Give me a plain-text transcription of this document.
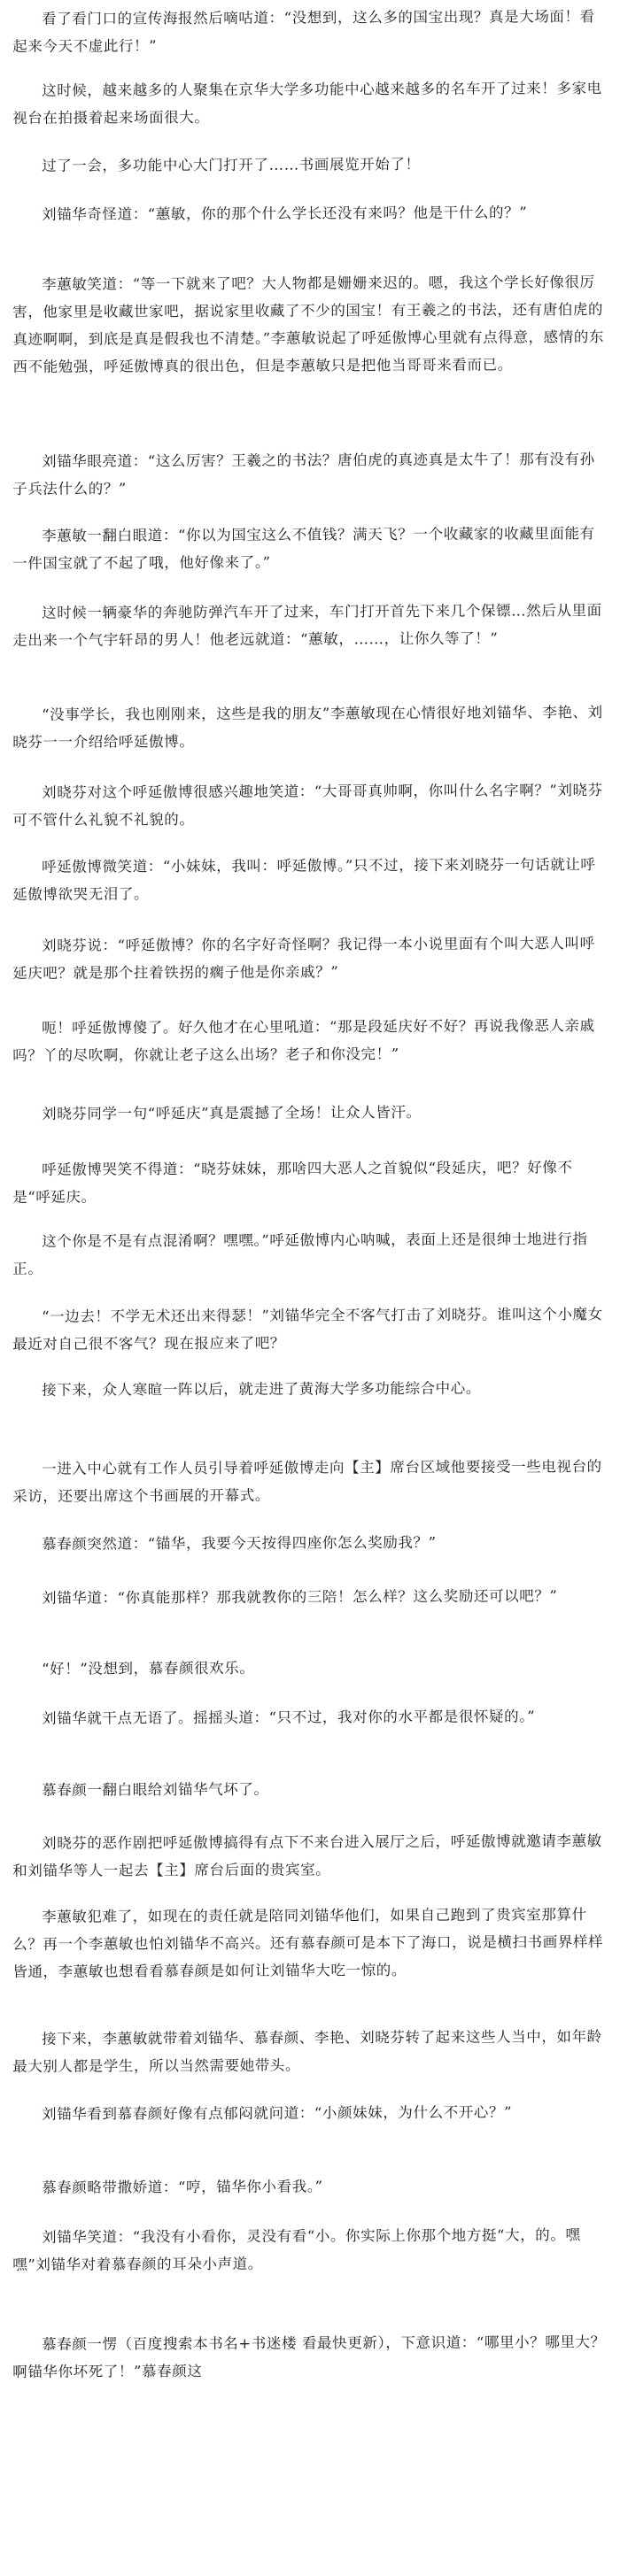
看了看门口的宣传海报然后嘀咕道：“没想到，这么多的国宝出现？真是大场面！看起来今天不虚此行！”

这时候，越来越多的人聚集在京华大学多功能中心越来越多的名车开了过来！多家电视台在拍摄着起来场面很大。

过了一会，多功能中心大门打开了……书画展览开始了！

刘锚华奇怪道：“蕙敏，你的那个什么学长还没有来吗？他是干什么的？”

李蕙敏笑道：“等一下就来了吧？大人物都是姗姗来迟的。嗯，我这个学长好像很厉害，他家里是收藏世家吧，据说家里收藏了不少的国宝！有王羲之的书法，还有唐伯虎的真迹啊啊，到底是真是假我也不清楚。”李蕙敏说起了呼延傲博心里就有点得意，感情的东西不能勉强，呼延傲博真的很出色，但是李蕙敏只是把他当哥哥来看而已。

刘锚华眼亮道：“这么厉害？王羲之的书法？唐伯虎的真迹真是太牛了！那有没有孙子兵法什么的？”

李蕙敏一翻白眼道：“你以为国宝这么不值钱？满天飞？一个收藏家的收藏里面能有一件国宝就了不起了哦，他好像来了。”

这时候一辆豪华的奔驰防弹汽车开了过来，车门打开首先下来几个保镖…然后从里面走出来一个气宇轩昂的男人！他老远就道：“蕙敏，……，让你久等了！”

“没事学长，我也刚刚来，这些是我的朋友”李蕙敏现在心情很好地刘锚华、李艳、刘晓芬一一介绍给呼延傲博。

刘晓芬对这个呼延傲博很感兴趣地笑道：“大哥哥真帅啊，你叫什么名字啊？”刘晓芬可不管什么礼貌不礼貌的。

呼延傲博微笑道：“小妹妹，我叫：呼延傲博。”只不过，接下来刘晓芬一句话就让呼延傲博欲哭无泪了。

刘晓芬说：“呼延傲博？你的名字好奇怪啊？我记得一本小说里面有个叫大恶人叫呼延庆吧？就是那个拄着铁拐的瘸子他是你亲戚？”

呃！呼延傲博傻了。好久他才在心里吼道：“那是段延庆好不好？再说我像恶人亲戚吗？丫的尽吹啊，你就让老子这么出场？老子和你没完！”

刘晓芬同学一句“呼延庆”真是震撼了全场！让众人皆汗。

呼延傲博哭笑不得道：“晓芬妹妹，那啥四大恶人之首貌似“段延庆，吧？好像不是“呼延庆。

这个你是不是有点混淆啊？嘿嘿。”呼延傲博内心呐喊，表面上还是很绅士地进行指正。

“一边去！不学无术还出来得瑟！”刘锚华完全不客气打击了刘晓芬。谁叫这个小魔女最近对自己很不客气？现在报应来了吧？

接下来，众人寒暄一阵以后，就走进了黄海大学多功能综合中心。

一进入中心就有工作人员引导着呼延傲博走向【主】席台区域他要接受一些电视台的采访，还要出席这个书画展的开幕式。

慕春颜突然道：“锚华，我要今天按得四座你怎么奖励我？”

刘锚华道：“你真能那样？那我就教你的三陪！怎么样？这么奖励还可以吧？”

“好！”没想到，慕春颜很欢乐。

刘锚华就干点无语了。摇摇头道：“只不过，我对你的水平都是很怀疑的。”

慕春颜一翻白眼给刘锚华气坏了。

刘晓芬的恶作剧把呼延傲博搞得有点下不来台进入展厅之后，呼延傲博就邀请李蕙敏和刘锚华等人一起去【主】席台后面的贵宾室。

李蕙敏犯难了，如现在的责任就是陪同刘锚华他们，如果自己跑到了贵宾室那算什么？再一个李蕙敏也怕刘锚华不高兴。还有慕春颜可是本下了海口，说是横扫书画界样样皆通，李蕙敏也想看看慕春颜是如何让刘锚华大吃一惊的。

接下来，李蕙敏就带着刘锚华、慕春颜、李艳、刘晓芬转了起来这些人当中，如年龄最大别人都是学生，所以当然需要她带头。

刘锚华看到慕春颜好像有点郁闷就问道：“小颜妹妹，为什么不开心？”

慕春颜略带撒娇道：“哼，锚华你小看我。”

刘锚华笑道：“我没有小看你，灵没有看“小。你实际上你那个地方挺“大，的。嘿嘿”刘锚华对着慕春颜的耳朵小声道。

慕春颜一愣（百度搜索本书名+书迷楼 看最快更新），下意识道：“哪里小？哪里大？啊锚华你坏死了！”慕春颜这
